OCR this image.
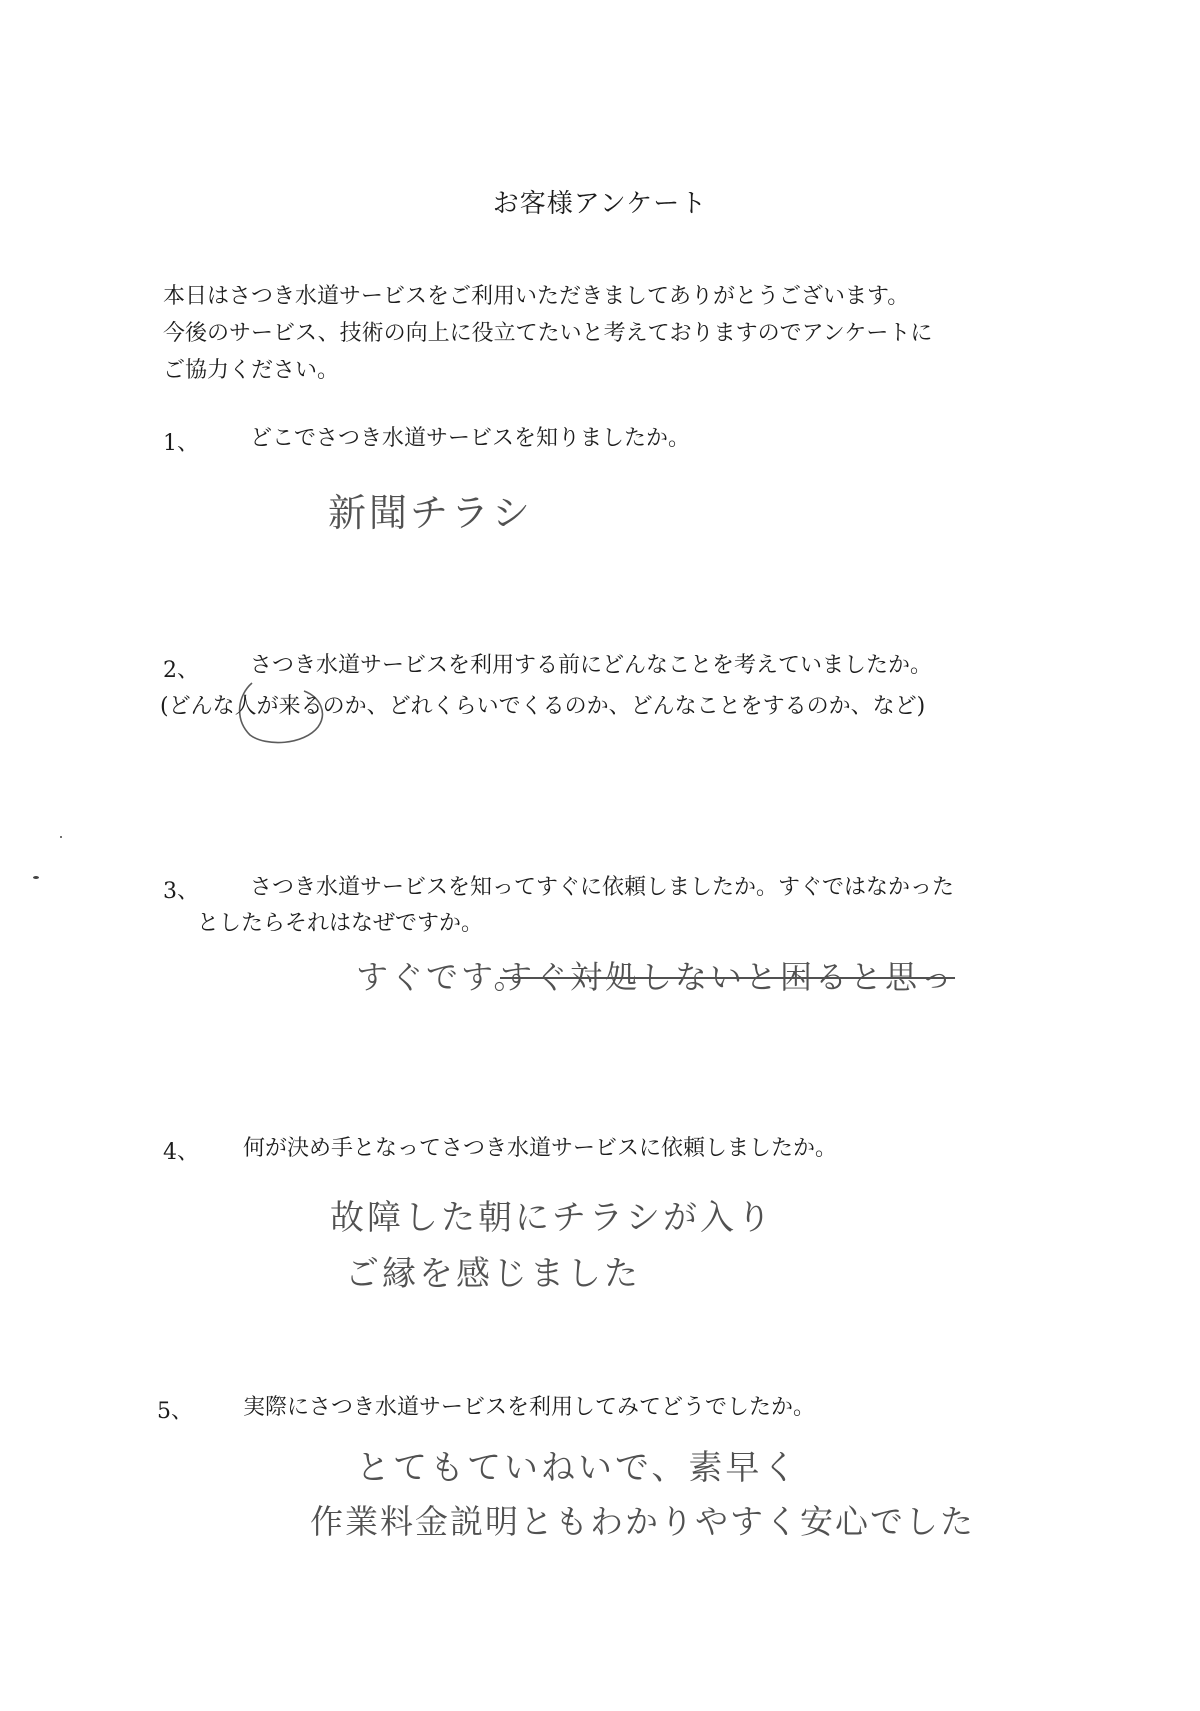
お客様アンケート
本日はさつき水道サービスをご利用いただきましてありがとうございます。
今後のサービス、技術の向上に役立てたいと考えておりますのでアンケートに
ご協力ください。
1、 どこでさつき水道サービスを知りましたか。
新聞チラシ
2、 さつき水道サービスを利用する前にどんなことを考えていましたか。
(どんな人が来るのか、どれくらいでくるのか、どんなことをするのか、など)
3、 さつき水道サービスを知ってすぐに依頼しましたか。すぐではなかった
としたらそれはなぜですか。
すぐです。
すぐ対処しないと困ると思っ
4、 何が決め手となってさつき水道サービスに依頼しましたか。
故障した朝にチラシが入り
ご縁を感じました
5、 実際にさつき水道サービスを利用してみてどうでしたか。
とてもていねいで、素早く
作業料金説明ともわかりやすく安心でした
